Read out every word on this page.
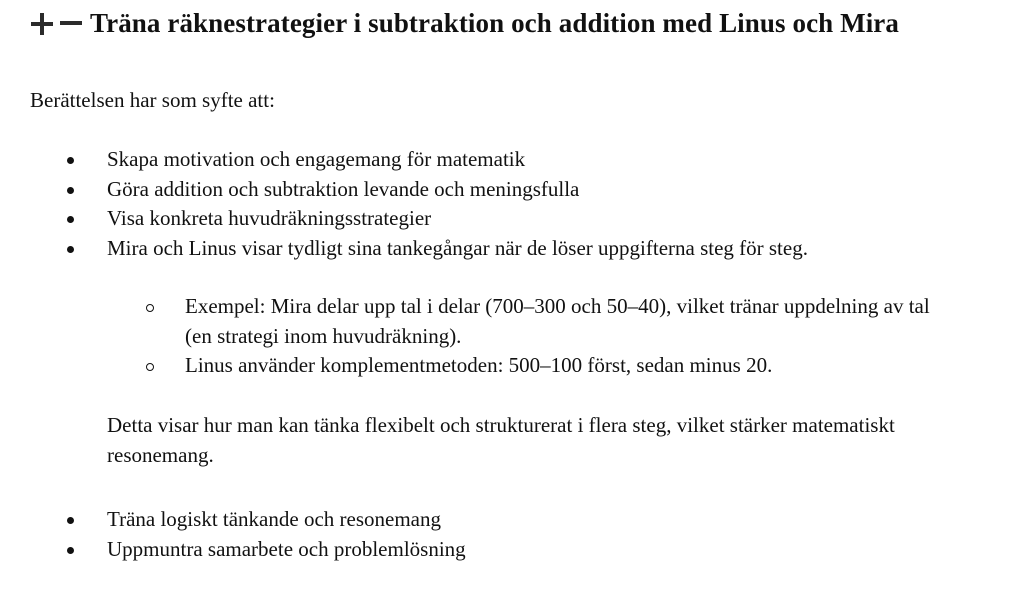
Träna räknestrategier i subtraktion och addition med Linus och Mira

Berättelsen har som syfte att:

Skapa motivation och engagemang för matematik
Göra addition och subtraktion levande och meningsfulla
Visa konkreta huvudräkningsstrategier
Mira och Linus visar tydligt sina tankegångar när de löser uppgifterna steg för steg.
Exempel: Mira delar upp tal i delar (700–300 och 50–40), vilket tränar uppdelning av tal (en strategi inom huvudräkning).
Linus använder komplementmetoden: 500–100 först, sedan minus 20.

Detta visar hur man kan tänka flexibelt och strukturerat i flera steg, vilket stärker matematiskt resonemang.

Träna logiskt tänkande och resonemang
Uppmuntra samarbete och problemlösning
